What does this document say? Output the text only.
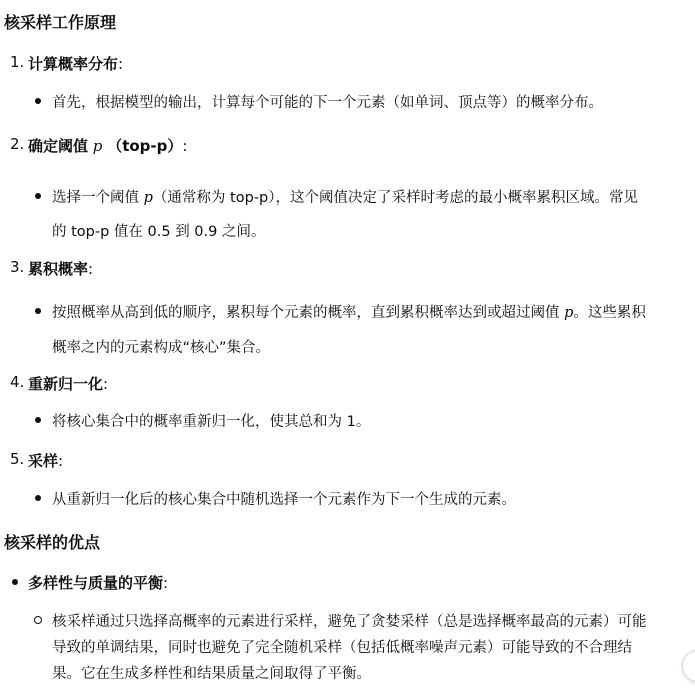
核采样工作原理
1. 计算概率分布:
首先，根据模型的输出，计算每个可能的下一个元素（如单词、顶点等）的概率分布。
2. 确定阈值 p （top-p）:
选择一个阈值 p（通常称为 top-p），这个阈值决定了采样时考虑的最小概率累积区域。常见
的 top-p 值在 0.5 到 0.9 之间。
3. 累积概率:
按照概率从高到低的顺序，累积每个元素的概率，直到累积概率达到或超过阈值 p。这些累积
概率之内的元素构成“核心”集合。
4. 重新归一化:
将核心集合中的概率重新归一化，使其总和为 1。
5. 采样:
从重新归一化后的核心集合中随机选择一个元素作为下一个生成的元素。
核采样的优点
多样性与质量的平衡:
核采样通过只选择高概率的元素进行采样，避免了贪婪采样（总是选择概率最高的元素）可能
导致的单调结果，同时也避免了完全随机采样（包括低概率噪声元素）可能导致的不合理结
果。它在生成多样性和结果质量之间取得了平衡。
